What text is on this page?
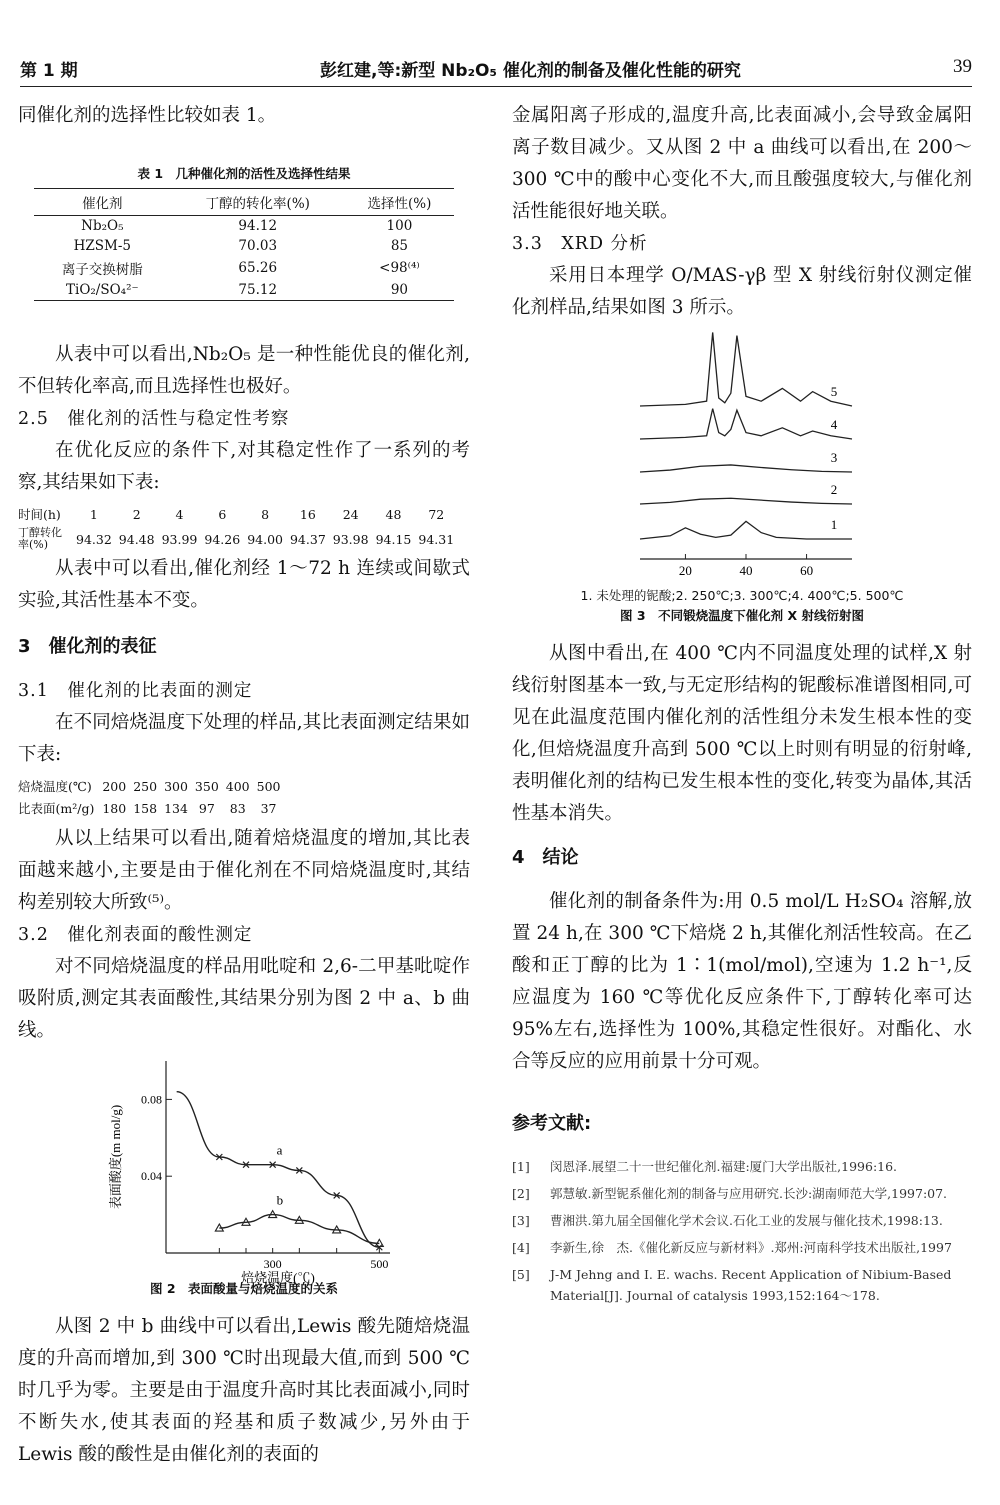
第 1 期	彭红建,等:新型 Nb₂O₅ 催化剂的制备及催化性能的研究	39

同催化剂的选择性比较如表 1。

表 1　几种催化剂的活性及选择性结果
催化剂	丁醇的转化率(%)	选择性(%)
Nb₂O₅	94.12	100
HZSM-5	70.03	85
离子交换树脂	65.26	<98⁽⁴⁾
TiO₂/SO₄²⁻	75.12	90

从表中可以看出,Nb₂O₅ 是一种性能优良的催化剂,不但转化率高,而且选择性也极好。

2.5　催化剂的活性与稳定性考察

在优化反应的条件下,对其稳定性作了一系列的考察,其结果如下表:

时间(h)	1	2	4	6	8	16	24	48	72
丁醇转化率(%)	94.32	94.48	93.99	94.26	94.00	94.37	93.98	94.15	94.31

从表中可以看出,催化剂经 1～72 h 连续或间歇式实验,其活性基本不变。

3　催化剂的表征

3.1　催化剂的比表面的测定

在不同焙烧温度下处理的样品,其比表面测定结果如下表:

焙烧温度(℃)	200	250	300	350	400	500
比表面(m²/g)	180	158	134	97	83	37

从以上结果可以看出,随着焙烧温度的增加,其比表面越来越小,主要是由于催化剂在不同焙烧温度时,其结构差别较大所致⁽⁵⁾。

3.2　催化剂表面的酸性测定

对不同焙烧温度的样品用吡啶和 2,6-二甲基吡啶作吸附质,测定其表面酸性,其结果分别为图 2 中 a、b 曲线。

0.08
0.04
300	500
焙烧温度(℃)
表面酸度(m mol/g)	a
b
图 2　表面酸量与焙烧温度的关系

从图 2 中 b 曲线中可以看出,Lewis 酸先随焙烧温度的升高而增加,到 300 ℃时出现最大值,而到 500 ℃时几乎为零。主要是由于温度升高时其比表面减小,同时不断失水,使其表面的羟基和质子数减少,另外由于 Lewis 酸的酸性是由催化剂的表面的

金属阳离子形成的,温度升高,比表面减小,会导致金属阳离子数目减少。又从图 2 中 a 曲线可以看出,在 200～300 ℃中的酸中心变化不大,而且酸强度较大,与催化剂活性能很好地关联。

3.3　XRD 分析

采用日本理学 O/MAS-γβ 型 X 射线衍射仪测定催化剂样品,结果如图 3 所示。

20	40	60
1
2
3
4
5
1. 未处理的铌酸;2. 250℃;3. 300℃;4. 400℃;5. 500℃
图 3　不同锻烧温度下催化剂 X 射线衍射图

从图中看出,在 400 ℃内不同温度处理的试样,X 射线衍射图基本一致,与无定形结构的铌酸标准谱图相同,可见在此温度范围内催化剂的活性组分未发生根本性的变化,但焙烧温度升高到 500 ℃以上时则有明显的衍射峰,表明催化剂的结构已发生根本性的变化,转变为晶体,其活性基本消失。

4　结论

催化剂的制备条件为:用 0.5 mol/L H₂SO₄ 溶解,放置 24 h,在 300 ℃下焙烧 2 h,其催化剂活性较高。在乙酸和正丁醇的比为 1∶1(mol/mol),空速为 1.2 h⁻¹,反应温度为 160 ℃等优化反应条件下,丁醇转化率可达 95%左右,选择性为 100%,其稳定性很好。对酯化、水合等反应的应用前景十分可观。

参考文献:

[1]	闵恩泽.展望二十一世纪催化剂.福建:厦门大学出版社,1996:16.
[2]	郭慧敏.新型铌系催化剂的制备与应用研究.长沙:湖南师范大学,1997:07.
[3]	曹湘洪.第九届全国催化学术会议.石化工业的发展与催化技术,1998:13.
[4]	李新生,徐　杰.《催化新反应与新材料》.郑州:河南科学技术出版社,1997
[5]	J-M Jehng and I. E. wachs. Recent Application of Nibium-Based Material[J]. Journal of catalysis 1993,152:164～178.
